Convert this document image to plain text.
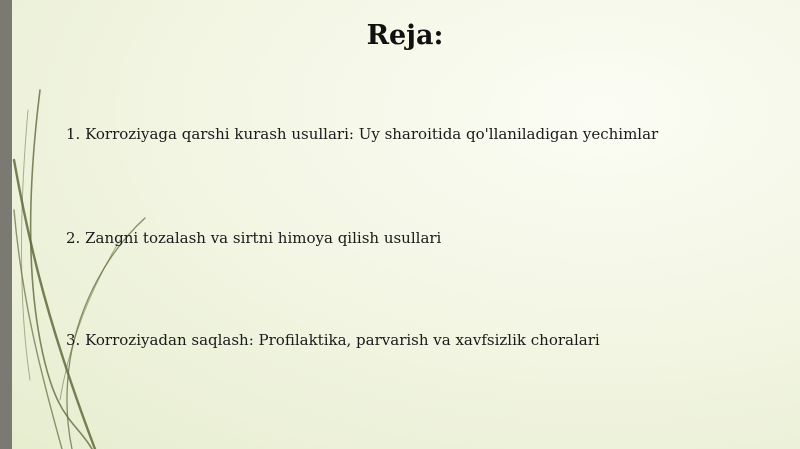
Reja:
1. Korroziyaga qarshi kurash usullari: Uy sharoitida qo'llaniladigan yechimlar
2. Zangni tozalash va sirtni himoya qilish usullari
3. Korroziyadan saqlash: Profilaktika, parvarish va xavfsizlik choralari
